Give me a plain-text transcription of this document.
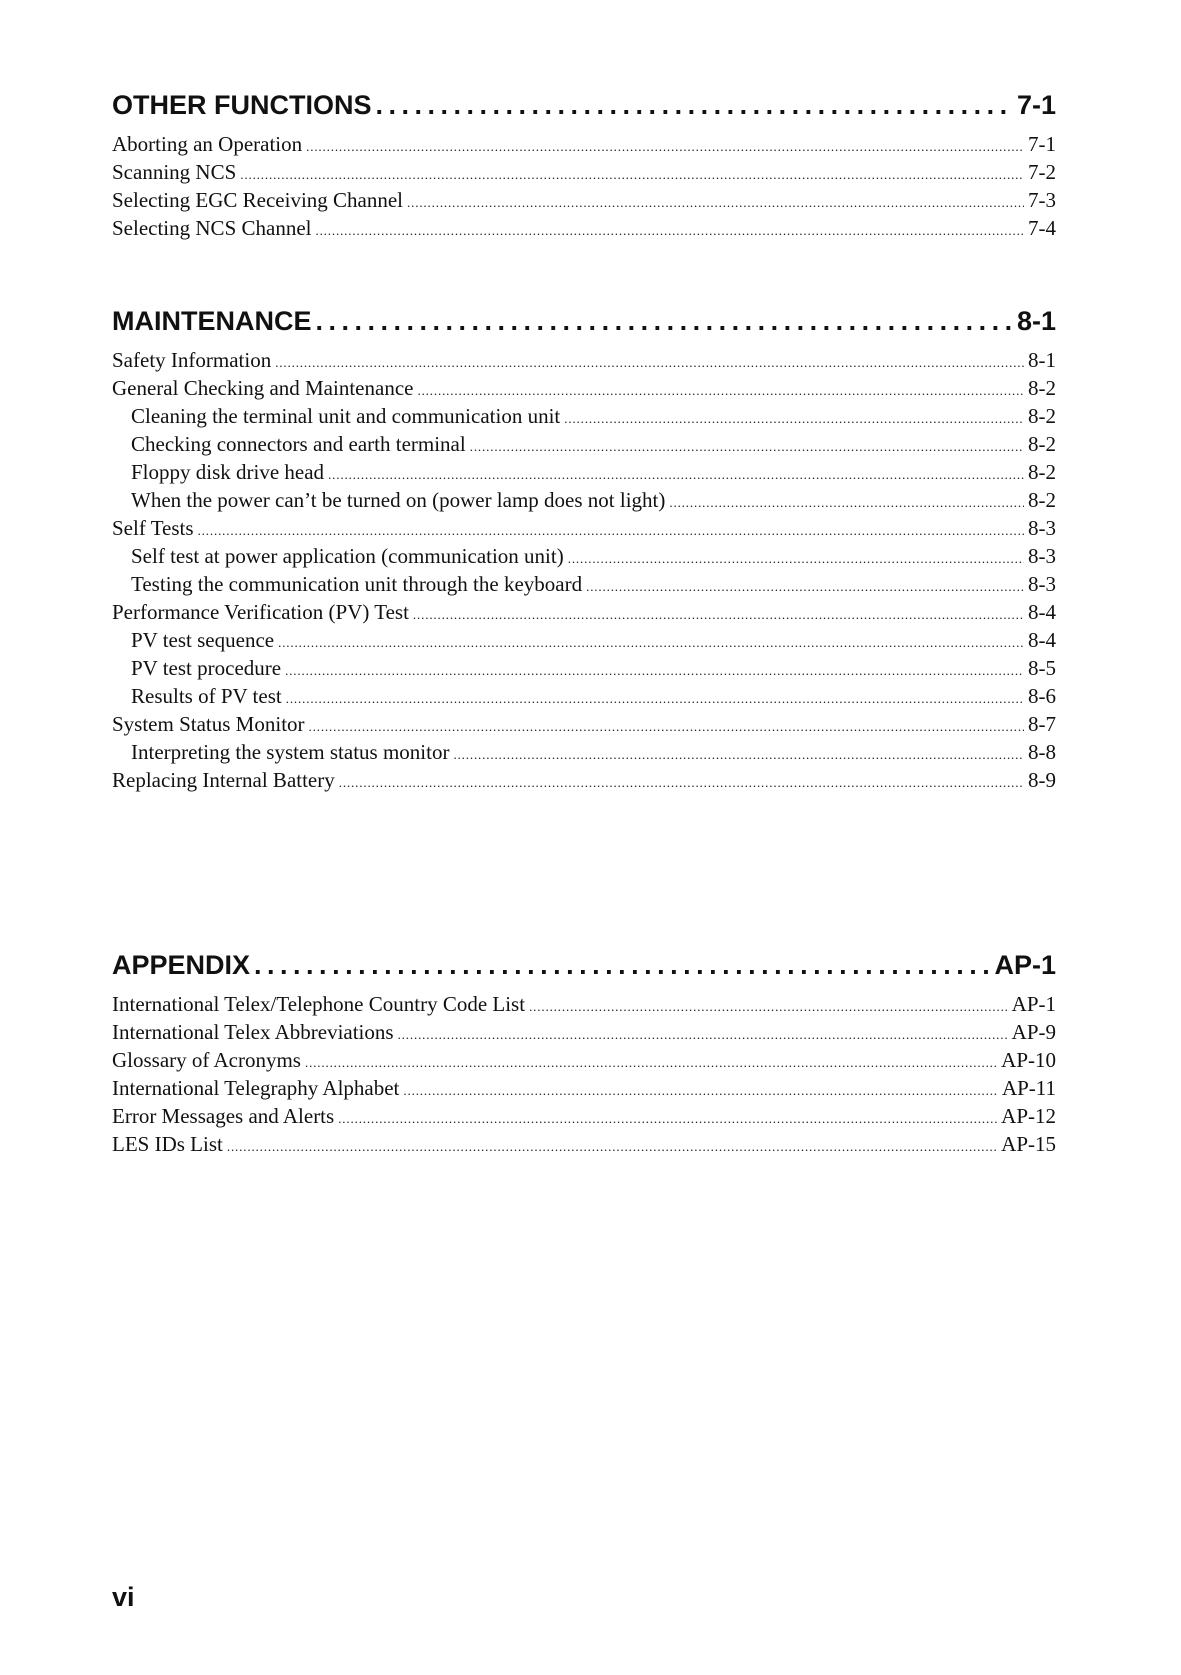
OTHER FUNCTIONS . . .	7-1
Aborting an Operation . . .	7-1
Scanning NCS . . .	7-2
Selecting EGC Receiving Channel . . .	7-3
Selecting NCS Channel . . .	7-4
MAINTENANCE . . .	8-1
Safety Information . . .	8-1
General Checking and Maintenance . . .	8-2
Cleaning the terminal unit and communication unit . . .	8-2
Checking connectors and earth terminal . . .	8-2
Floppy disk drive head . . .	8-2
When the power can’t be turned on (power lamp does not light) . . .	8-2
Self Tests . . .	8-3
Self test at power application (communication unit) . . .	8-3
Testing the communication unit through the keyboard . . .	8-3
Performance Verification (PV) Test . . .	8-4
PV test sequence . . .	8-4
PV test procedure . . .	8-5
Results of PV test . . .	8-6
System Status Monitor . . .	8-7
Interpreting the system status monitor . . .	8-8
Replacing Internal Battery . . .	8-9
APPENDIX . . .	AP-1
International Telex/Telephone Country Code List . . .	AP-1
International Telex Abbreviations . . .	AP-9
Glossary of Acronyms . . .	AP-10
International Telegraphy Alphabet . . .	AP-11
Error Messages and Alerts . . .	AP-12
LES IDs List . . .	AP-15
vi
